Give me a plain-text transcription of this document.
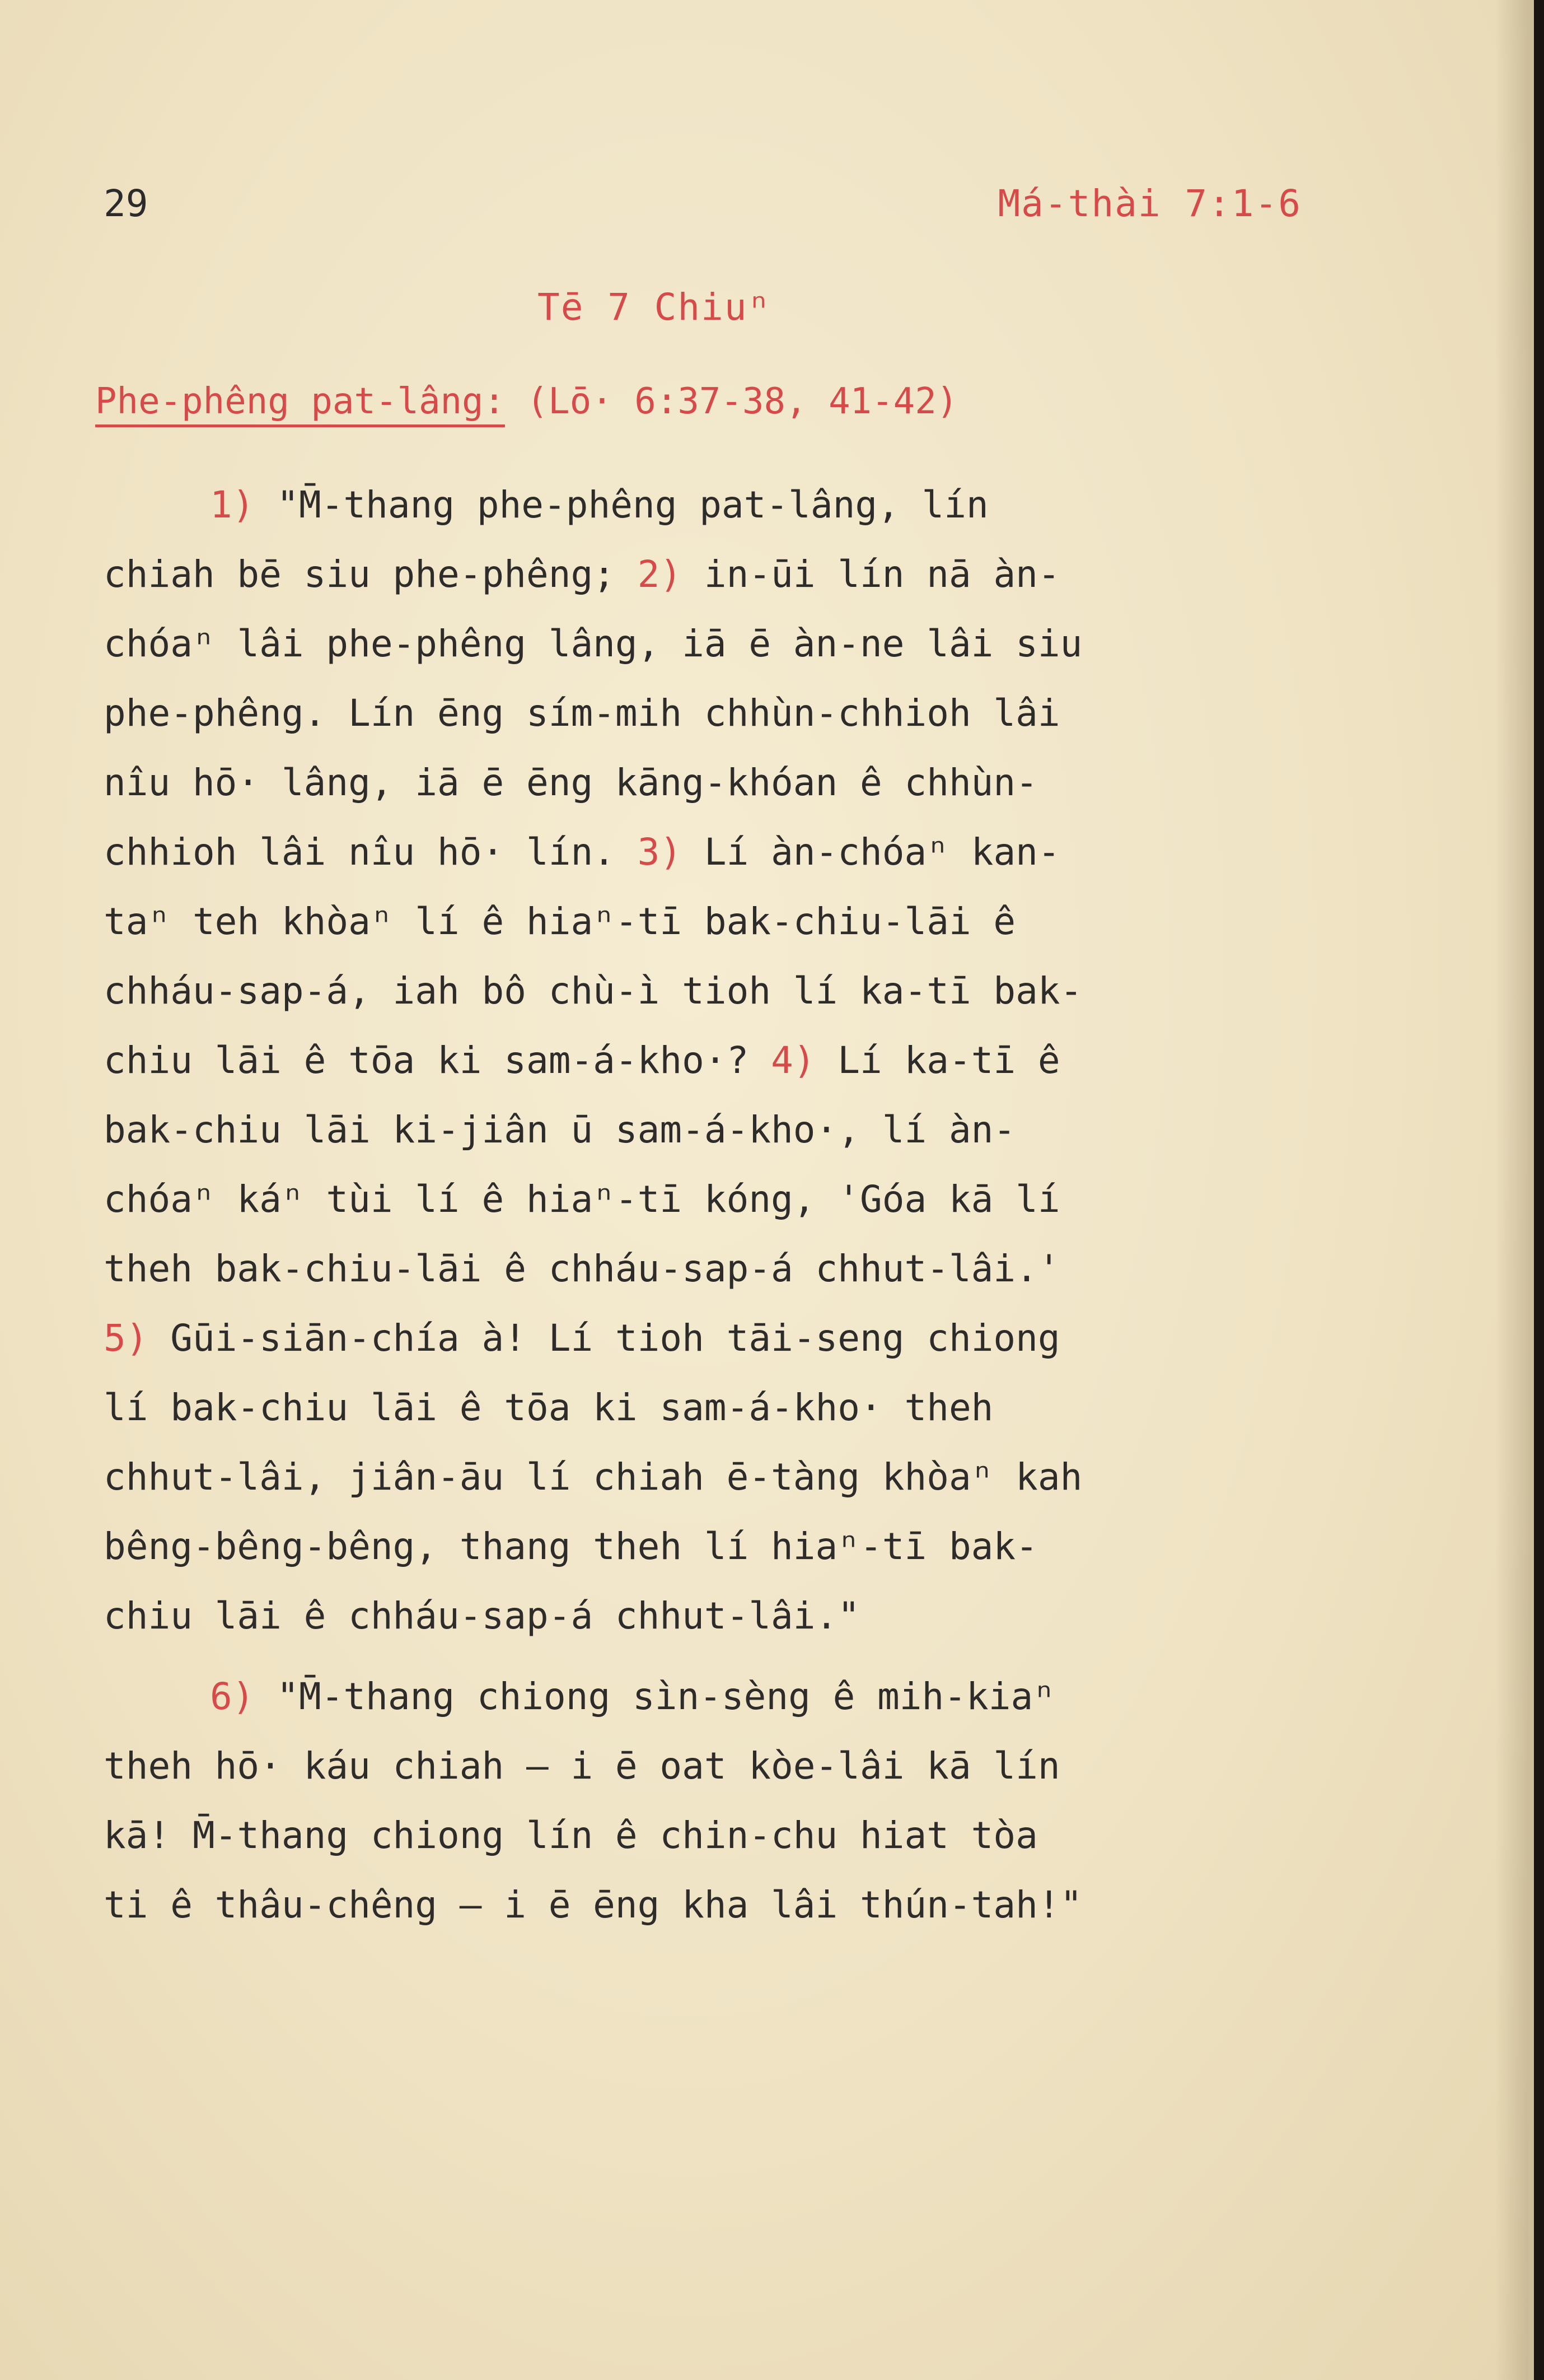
29	Má-thài 7:1-6
Tē 7 Chiuⁿ
Phe-phêng pat-lâng: (Lō· 6:37-38, 41-42)
1) "M̄-thang phe-phêng pat-lâng, lín
chiah bē siu phe-phêng; 2) in-ūi lín nā àn-
chóaⁿ lâi phe-phêng lâng, iā ē àn-ne lâi siu
phe-phêng. Lín ēng sím-mih chhùn-chhioh lâi
nîu hō· lâng, iā ē ēng kāng-khóan ê chhùn-
chhioh lâi nîu hō· lín. 3) Lí àn-chóaⁿ kan-
taⁿ teh khòaⁿ lí ê hiaⁿ-tī bak-chiu-lāi ê
chháu-sap-á, iah bô chù-ì tioh lí ka-tī bak-
chiu lāi ê tōa ki sam-á-kho·? 4) Lí ka-tī ê
bak-chiu lāi ki-jiân ū sam-á-kho·, lí àn-
chóaⁿ káⁿ tùi lí ê hiaⁿ-tī kóng, 'Góa kā lí
theh bak-chiu-lāi ê chháu-sap-á chhut-lâi.'
5) Gūi-siān-chía à! Lí tioh tāi-seng chiong
lí bak-chiu lāi ê tōa ki sam-á-kho· theh
chhut-lâi, jiân-āu lí chiah ē-tàng khòaⁿ kah
bêng-bêng-bêng, thang theh lí hiaⁿ-tī bak-
chiu lāi ê chháu-sap-á chhut-lâi."
6) "M̄-thang chiong sìn-sèng ê mih-kiaⁿ
theh hō· káu chiah — i ē oat kòe-lâi kā lín
kā! M̄-thang chiong lín ê chin-chu hiat tòa
ti ê thâu-chêng — i ē ēng kha lâi thún-tah!"
